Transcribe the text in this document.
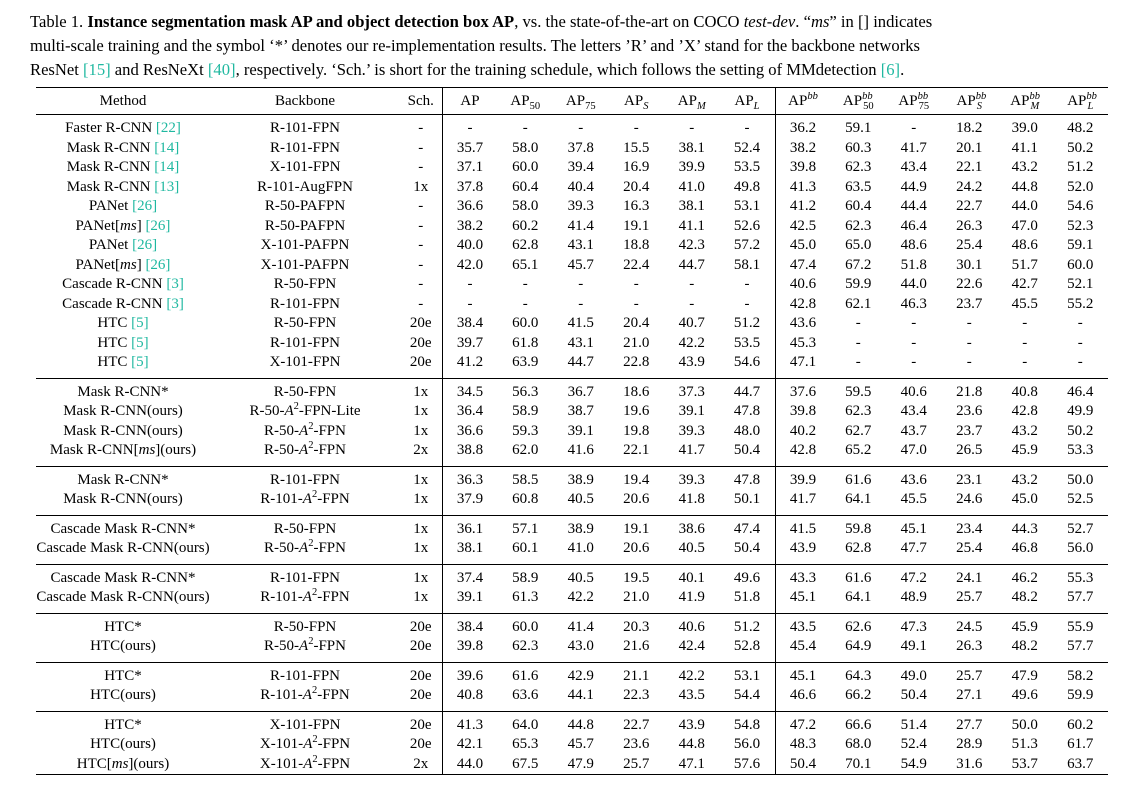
Table 1. Instance segmentation mask AP and object detection box AP, vs. the state-of-the-art on COCO test-dev. “ms” in [] indicates
multi-scale training and the symbol ‘*’ denotes our re-implementation results. The letters ’R’ and ’X’ stand for the backbone networks
ResNet [15] and ResNeXt [40], respectively. ‘Sch.’ is short for the training schedule, which follows the setting of MMdetection [6].
Method	Backbone	Sch.	AP	$AP_{50}$	$AP_{75}$	$AP_S$	$AP_M$	$AP_L$	$AP^{bb}$	$AP^{bb}_{50}$	$AP^{bb}_{75}$	$AP^{bb}_S$	$AP^{bb}_M$	$AP^{bb}_L$

Faster R-CNN [22]	R-101-FPN	-	-	-	-	-	-	-	36.2	59.1	-	18.2	39.0	48.2
Mask R-CNN [14]	R-101-FPN	-	35.7	58.0	37.8	15.5	38.1	52.4	38.2	60.3	41.7	20.1	41.1	50.2
Mask R-CNN [14]	X-101-FPN	-	37.1	60.0	39.4	16.9	39.9	53.5	39.8	62.3	43.4	22.1	43.2	51.2
Mask R-CNN [13]	R-101-AugFPN	1x	37.8	60.4	40.4	20.4	41.0	49.8	41.3	63.5	44.9	24.2	44.8	52.0
PANet [26]	R-50-PAFPN	-	36.6	58.0	39.3	16.3	38.1	53.1	41.2	60.4	44.4	22.7	44.0	54.6
PANet[ms] [26]	R-50-PAFPN	-	38.2	60.2	41.4	19.1	41.1	52.6	42.5	62.3	46.4	26.3	47.0	52.3
PANet [26]	X-101-PAFPN	-	40.0	62.8	43.1	18.8	42.3	57.2	45.0	65.0	48.6	25.4	48.6	59.1
PANet[ms] [26]	X-101-PAFPN	-	42.0	65.1	45.7	22.4	44.7	58.1	47.4	67.2	51.8	30.1	51.7	60.0
Cascade R-CNN [3]	R-50-FPN	-	-	-	-	-	-	-	40.6	59.9	44.0	22.6	42.7	52.1
Cascade R-CNN [3]	R-101-FPN	-	-	-	-	-	-	-	42.8	62.1	46.3	23.7	45.5	55.2
HTC [5]	R-50-FPN	20e	38.4	60.0	41.5	20.4	40.7	51.2	43.6	-	-	-	-	-
HTC [5]	R-101-FPN	20e	39.7	61.8	43.1	21.0	42.2	53.5	45.3	-	-	-	-	-
HTC [5]	X-101-FPN	20e	41.2	63.9	44.7	22.8	43.9	54.6	47.1	-	-	-	-	-

Mask R-CNN*	R-50-FPN	1x	34.5	56.3	36.7	18.6	37.3	44.7	37.6	59.5	40.6	21.8	40.8	46.4
Mask R-CNN(ours)	$R-50-A^2-FPN$-Lite	1x	36.4	58.9	38.7	19.6	39.1	47.8	39.8	62.3	43.4	23.6	42.8	49.9
Mask R-CNN(ours)	$R-50-A^2$-FPN	1x	36.6	59.3	39.1	19.8	39.3	48.0	40.2	62.7	43.7	23.7	43.2	50.2
Mask R-CNN[ms](ours)	$R-50-A^2$-FPN	2x	38.8	62.0	41.6	22.1	41.7	50.4	42.8	65.2	47.0	26.5	45.9	53.3

Mask R-CNN*	R-101-FPN	1x	36.3	58.5	38.9	19.4	39.3	47.8	39.9	61.6	43.6	23.1	43.2	50.0
Mask R-CNN(ours)	$R-101-A^2$-FPN	1x	37.9	60.8	40.5	20.6	41.8	50.1	41.7	64.1	45.5	24.6	45.0	52.5

Cascade Mask R-CNN*	R-50-FPN	1x	36.1	57.1	38.9	19.1	38.6	47.4	41.5	59.8	45.1	23.4	44.3	52.7
Cascade Mask R-CNN(ours)	$R-50-A^2$-FPN	1x	38.1	60.1	41.0	20.6	40.5	50.4	43.9	62.8	47.7	25.4	46.8	56.0

Cascade Mask R-CNN*	R-101-FPN	1x	37.4	58.9	40.5	19.5	40.1	49.6	43.3	61.6	47.2	24.1	46.2	55.3
Cascade Mask R-CNN(ours)	$R-101-A^2$-FPN	1x	39.1	61.3	42.2	21.0	41.9	51.8	45.1	64.1	48.9	25.7	48.2	57.7

HTC*	R-50-FPN	20e	38.4	60.0	41.4	20.3	40.6	51.2	43.5	62.6	47.3	24.5	45.9	55.9
HTC(ours)	$R-50-A^2$-FPN	20e	39.8	62.3	43.0	21.6	42.4	52.8	45.4	64.9	49.1	26.3	48.2	57.7

HTC*	R-101-FPN	20e	39.6	61.6	42.9	21.1	42.2	53.1	45.1	64.3	49.0	25.7	47.9	58.2
HTC(ours)	$R-101-A^2$-FPN	20e	40.8	63.6	44.1	22.3	43.5	54.4	46.6	66.2	50.4	27.1	49.6	59.9

HTC*	X-101-FPN	20e	41.3	64.0	44.8	22.7	43.9	54.8	47.2	66.6	51.4	27.7	50.0	60.2
HTC(ours)	$X-101-A^2$-FPN	20e	42.1	65.3	45.7	23.6	44.8	56.0	48.3	68.0	52.4	28.9	51.3	61.7
HTC[ms](ours)	$X-101-A^2$-FPN	2x	44.0	67.5	47.9	25.7	47.1	57.6	50.4	70.1	54.9	31.6	53.7	63.7
